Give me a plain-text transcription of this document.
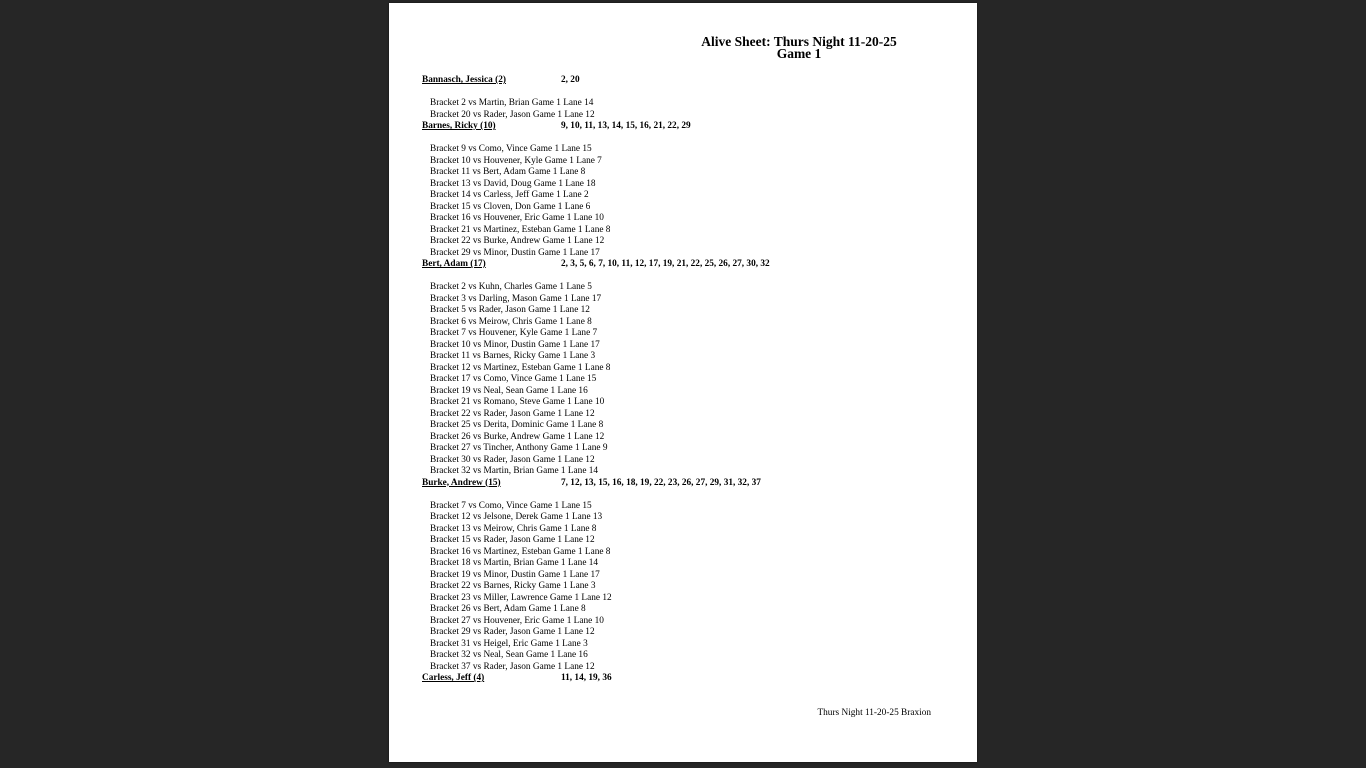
Alive Sheet: Thurs Night 11-20-25
Game 1
Bannasch, Jessica (2)	2, 20
Bracket 2 vs Martin, Brian Game 1 Lane 14
Bracket 20 vs Rader, Jason Game 1 Lane 12
Barnes, Ricky (10)	9, 10, 11, 13, 14, 15, 16, 21, 22, 29
Bracket 9 vs Como, Vince Game 1 Lane 15
Bracket 10 vs Houvener, Kyle Game 1 Lane 7
Bracket 11 vs Bert, Adam Game 1 Lane 8
Bracket 13 vs David, Doug Game 1 Lane 18
Bracket 14 vs Carless, Jeff Game 1 Lane 2
Bracket 15 vs Cloven, Don Game 1 Lane 6
Bracket 16 vs Houvener, Eric Game 1 Lane 10
Bracket 21 vs Martinez, Esteban Game 1 Lane 8
Bracket 22 vs Burke, Andrew Game 1 Lane 12
Bracket 29 vs Minor, Dustin Game 1 Lane 17
Bert, Adam (17)	2, 3, 5, 6, 7, 10, 11, 12, 17, 19, 21, 22, 25, 26, 27, 30, 32
Bracket 2 vs Kuhn, Charles Game 1 Lane 5
Bracket 3 vs Darling, Mason Game 1 Lane 17
Bracket 5 vs Rader, Jason Game 1 Lane 12
Bracket 6 vs Meirow, Chris Game 1 Lane 8
Bracket 7 vs Houvener, Kyle Game 1 Lane 7
Bracket 10 vs Minor, Dustin Game 1 Lane 17
Bracket 11 vs Barnes, Ricky Game 1 Lane 3
Bracket 12 vs Martinez, Esteban Game 1 Lane 8
Bracket 17 vs Como, Vince Game 1 Lane 15
Bracket 19 vs Neal, Sean Game 1 Lane 16
Bracket 21 vs Romano, Steve Game 1 Lane 10
Bracket 22 vs Rader, Jason Game 1 Lane 12
Bracket 25 vs Derita, Dominic Game 1 Lane 8
Bracket 26 vs Burke, Andrew Game 1 Lane 12
Bracket 27 vs Tincher, Anthony Game 1 Lane 9
Bracket 30 vs Rader, Jason Game 1 Lane 12
Bracket 32 vs Martin, Brian Game 1 Lane 14
Burke, Andrew (15)	7, 12, 13, 15, 16, 18, 19, 22, 23, 26, 27, 29, 31, 32, 37
Bracket 7 vs Como, Vince Game 1 Lane 15
Bracket 12 vs Jelsone, Derek Game 1 Lane 13
Bracket 13 vs Meirow, Chris Game 1 Lane 8
Bracket 15 vs Rader, Jason Game 1 Lane 12
Bracket 16 vs Martinez, Esteban Game 1 Lane 8
Bracket 18 vs Martin, Brian Game 1 Lane 14
Bracket 19 vs Minor, Dustin Game 1 Lane 17
Bracket 22 vs Barnes, Ricky Game 1 Lane 3
Bracket 23 vs Miller, Lawrence Game 1 Lane 12
Bracket 26 vs Bert, Adam Game 1 Lane 8
Bracket 27 vs Houvener, Eric Game 1 Lane 10
Bracket 29 vs Rader, Jason Game 1 Lane 12
Bracket 31 vs Heigel, Eric Game 1 Lane 3
Bracket 32 vs Neal, Sean Game 1 Lane 16
Bracket 37 vs Rader, Jason Game 1 Lane 12
Carless, Jeff (4)	11, 14, 19, 36
Thurs Night 11-20-25 Braxion
